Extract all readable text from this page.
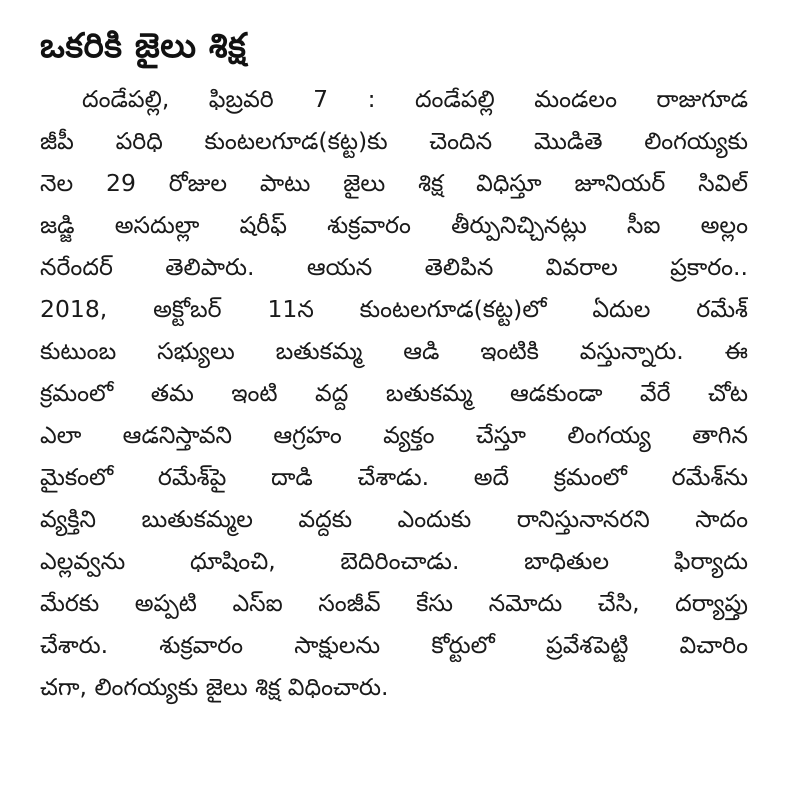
ఒకరికి జైలు శిక్ష
దండేపల్లి, ఫిబ్రవరి 7 : దండేపల్లి మండలం రాజుగూడ
జీపీ పరిధి కుంటలగూడ(కట్ట)కు చెందిన మొడితె లింగయ్యకు
నెల 29 రోజుల పాటు జైలు శిక్ష విధిస్తూ జూనియర్ సివిల్
జడ్జి అసదుల్లా షరీఫ్ శుక్రవారం తీర్పునిచ్చినట్లు సీఐ అల్లం
నరేందర్ తెలిపారు. ఆయన తెలిపిన వివరాల ప్రకారం..
2018, అక్టోబర్ 11న కుంటలగూడ(కట్ట)లో ఏదుల రమేశ్
కుటుంబ సభ్యులు బతుకమ్మ ఆడి ఇంటికి వస్తున్నారు. ఈ
క్రమంలో తమ ఇంటి వద్ద బతుకమ్మ ఆడకుండా వేరే చోట
ఎలా ఆడనిస్తావని ఆగ్రహం వ్యక్తం చేస్తూ లింగయ్య తాగిన
మైకంలో రమేశ్‌పై దాడి చేశాడు. అదే క్రమంలో రమేశ్‌ను
వ్యక్తిని బుతుకమ్మల వద్దకు ఎందుకు రానిస్తునానరని సాదం
ఎల్లవ్వను ధూషించి, బెదిరించాడు. బాధితుల ఫిర్యాదు
మేరకు అప్పటి ఎస్ఐ సంజీవ్ కేసు నమోదు చేసి, దర్యాప్తు
చేశారు. శుక్రవారం సాక్షులను కోర్టులో ప్రవేశపెట్టి విచారిం
చగా, లింగయ్యకు జైలు శిక్ష విధించారు.
